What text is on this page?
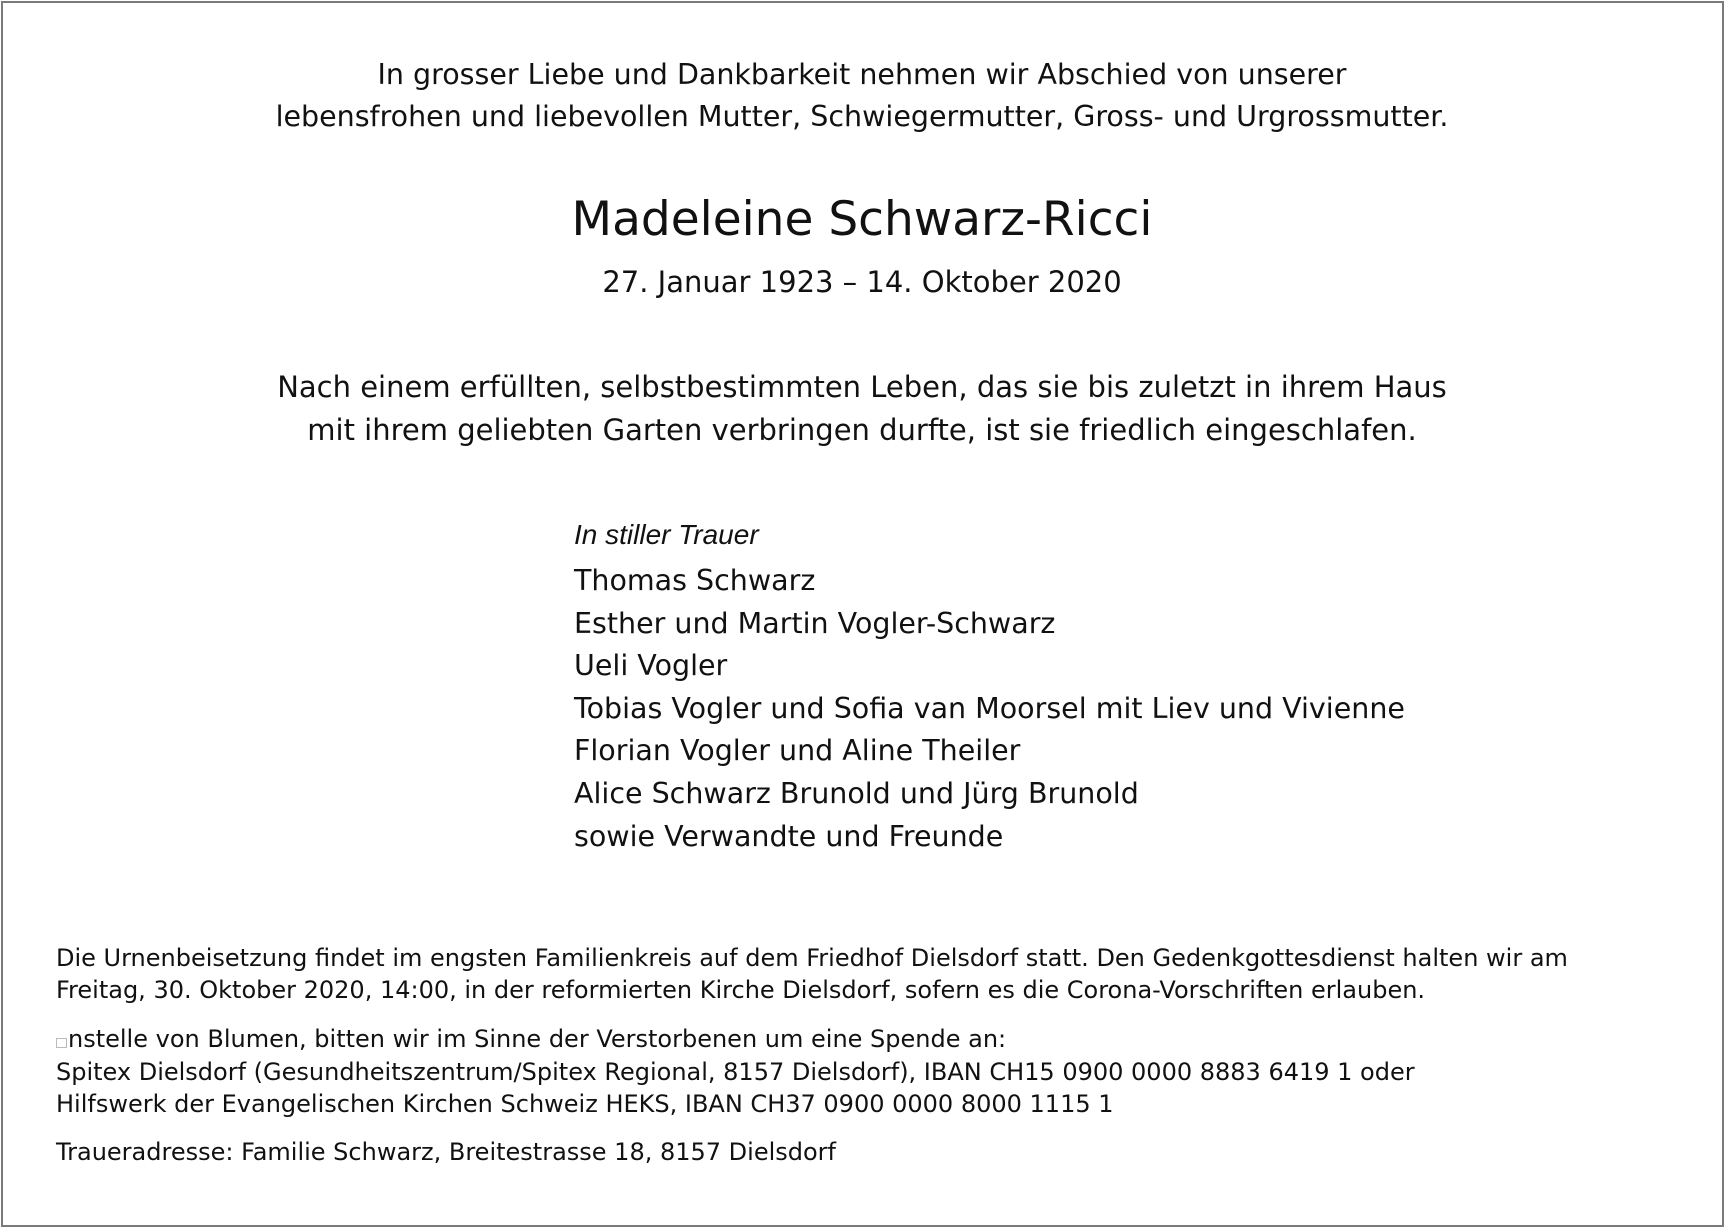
In grosser Liebe und Dankbarkeit nehmen wir Abschied von unserer
lebensfrohen und liebevollen Mutter, Schwiegermutter, Gross- und Urgrossmutter.
Madeleine Schwarz-Ricci
27. Januar 1923 – 14. Oktober 2020
Nach einem erfüllten, selbstbestimmten Leben, das sie bis zuletzt in ihrem Haus
mit ihrem geliebten Garten verbringen durfte, ist sie friedlich eingeschlafen.
In stiller Trauer
Thomas Schwarz
Esther und Martin Vogler-Schwarz
Ueli Vogler
Tobias Vogler und Sofia van Moorsel mit Liev und Vivienne
Florian Vogler und Aline Theiler
Alice Schwarz Brunold und Jürg Brunold
sowie Verwandte und Freunde
Die Urnenbeisetzung findet im engsten Familienkreis auf dem Friedhof Dielsdorf statt. Den Gedenkgottesdienst halten wir am
Freitag, 30. Oktober 2020, 14:00, in der reformierten Kirche Dielsdorf, sofern es die Corona-Vorschriften erlauben.
nstelle von Blumen, bitten wir im Sinne der Verstorbenen um eine Spende an:
Spitex Dielsdorf (Gesundheitszentrum/Spitex Regional, 8157 Dielsdorf), IBAN CH15 0900 0000 8883 6419 1 oder
Hilfswerk der Evangelischen Kirchen Schweiz HEKS, IBAN CH37 0900 0000 8000 1115 1
Traueradresse: Familie Schwarz, Breitestrasse 18, 8157 Dielsdorf
